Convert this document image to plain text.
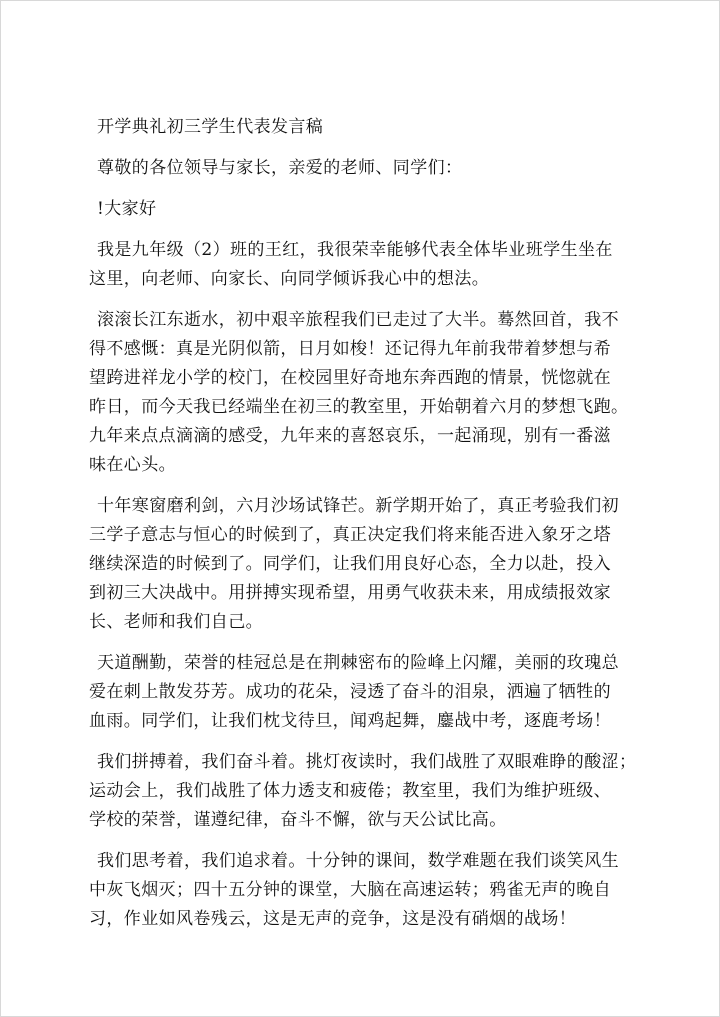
开学典礼初三学生代表发言稿
尊敬的各位领导与家长，亲爱的老师、同学们：
!大家好
我是九年级（2）班的王红，我很荣幸能够代表全体毕业班学生坐在
这里，向老师、向家长、向同学倾诉我心中的想法。
滚滚长江东逝水，初中艰辛旅程我们已走过了大半。蓦然回首，我不
得不感慨：真是光阴似箭，日月如梭！还记得九年前我带着梦想与希
望跨进祥龙小学的校门，在校园里好奇地东奔西跑的情景，恍惚就在
昨日，而今天我已经端坐在初三的教室里，开始朝着六月的梦想飞跑。
九年来点点滴滴的感受，九年来的喜怒哀乐，一起涌现，别有一番滋
味在心头。
十年寒窗磨利剑，六月沙场试锋芒。新学期开始了，真正考验我们初
三学子意志与恒心的时候到了，真正决定我们将来能否进入象牙之塔
继续深造的时候到了。同学们，让我们用良好心态，全力以赴，投入
到初三大决战中。用拼搏实现希望，用勇气收获未来，用成绩报效家
长、老师和我们自己。
天道酬勤，荣誉的桂冠总是在荆棘密布的险峰上闪耀，美丽的玫瑰总
爱在刺上散发芬芳。成功的花朵，浸透了奋斗的泪泉，洒遍了牺牲的
血雨。同学们，让我们枕戈待旦，闻鸡起舞，鏖战中考，逐鹿考场！
我们拼搏着，我们奋斗着。挑灯夜读时，我们战胜了双眼难睁的酸涩；
运动会上，我们战胜了体力透支和疲倦；教室里，我们为维护班级、
学校的荣誉，谨遵纪律，奋斗不懈，欲与天公试比高。
我们思考着，我们追求着。十分钟的课间，数学难题在我们谈笑风生
中灰飞烟灭；四十五分钟的课堂，大脑在高速运转；鸦雀无声的晚自
习，作业如风卷残云，这是无声的竞争，这是没有硝烟的战场！
